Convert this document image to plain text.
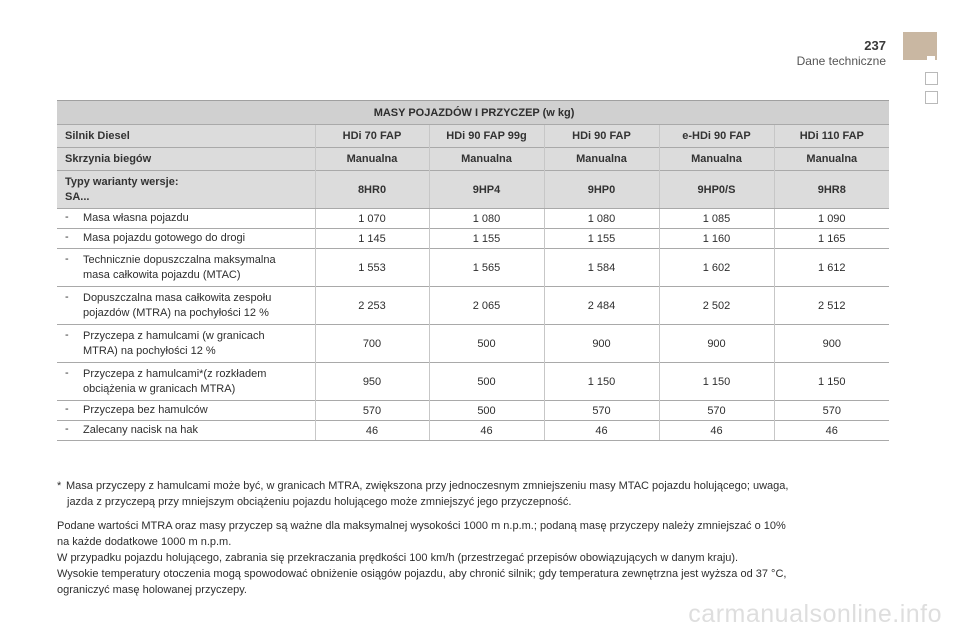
237
Dane techniczne
MASY POJAZDÓW I PRZYCZEP (w kg)					
Silnik Diesel	HDi 70 FAP	HDi 90 FAP 99g	HDi 90 FAP	e-HDi 90 FAP	HDi 110 FAP
Skrzynia biegów	Manualna	Manualna	Manualna	Manualna	Manualna

Typy warianty wersje:
SA...	8HR0	9HP4	9HP0	9HP0/S	9HR8

- Masa własna pojazdu	1 070	1 080	1 080	1 085	1 090

- Masa pojazdu gotowego do drogi	1 145	1 155	1 155	1 160	1 165

- Technicznie dopuszczalna maksymalna
masa całkowita pojazdu (MTAC)	1 553	1 565	1 584	1 602	1 612

- Dopuszczalna masa całkowita zespołu
pojazdów (MTRA) na pochyłości 12 %	2 253	2 065	2 484	2 502	2 512

- Przyczepa z hamulcami (w granicach
MTRA) na pochyłości 12 %	700	500	900	900	900

- Przyczepa z hamulcami*(z rozkładem
obciążenia w granicach MTRA)	950	500	1 150	1 150	1 150

- Przyczepa bez hamulców	570	500	570	570	570

- Zalecany nacisk na hak	46	46	46	46	46
* Masa przyczepy z hamulcami może być, w granicach MTRA, zwiększona przy jednoczesnym zmniejszeniu masy MTAC pojazdu holującego; uwaga,
jazda z przyczepą przy mniejszym obciążeniu pojazdu holującego może zmniejszyć jego przyczepność.

Podane wartości MTRA oraz masy przyczep są ważne dla maksymalnej wysokości 1000 m n.p.m.; podaną masę przyczepy należy zmniejszać o 10%

na każde dodatkowe 1000 m n.p.m.

W przypadku pojazdu holującego, zabrania się przekraczania prędkości 100 km/h (przestrzegać przepisów obowiązujących w danym kraju).

Wysokie temperatury otoczenia mogą spowodować obniżenie osiągów pojazdu, aby chronić silnik; gdy temperatura zewnętrzna jest wyższa od 37 °C,

ograniczyć masę holowanej przyczepy.

carmanualsonline.info
